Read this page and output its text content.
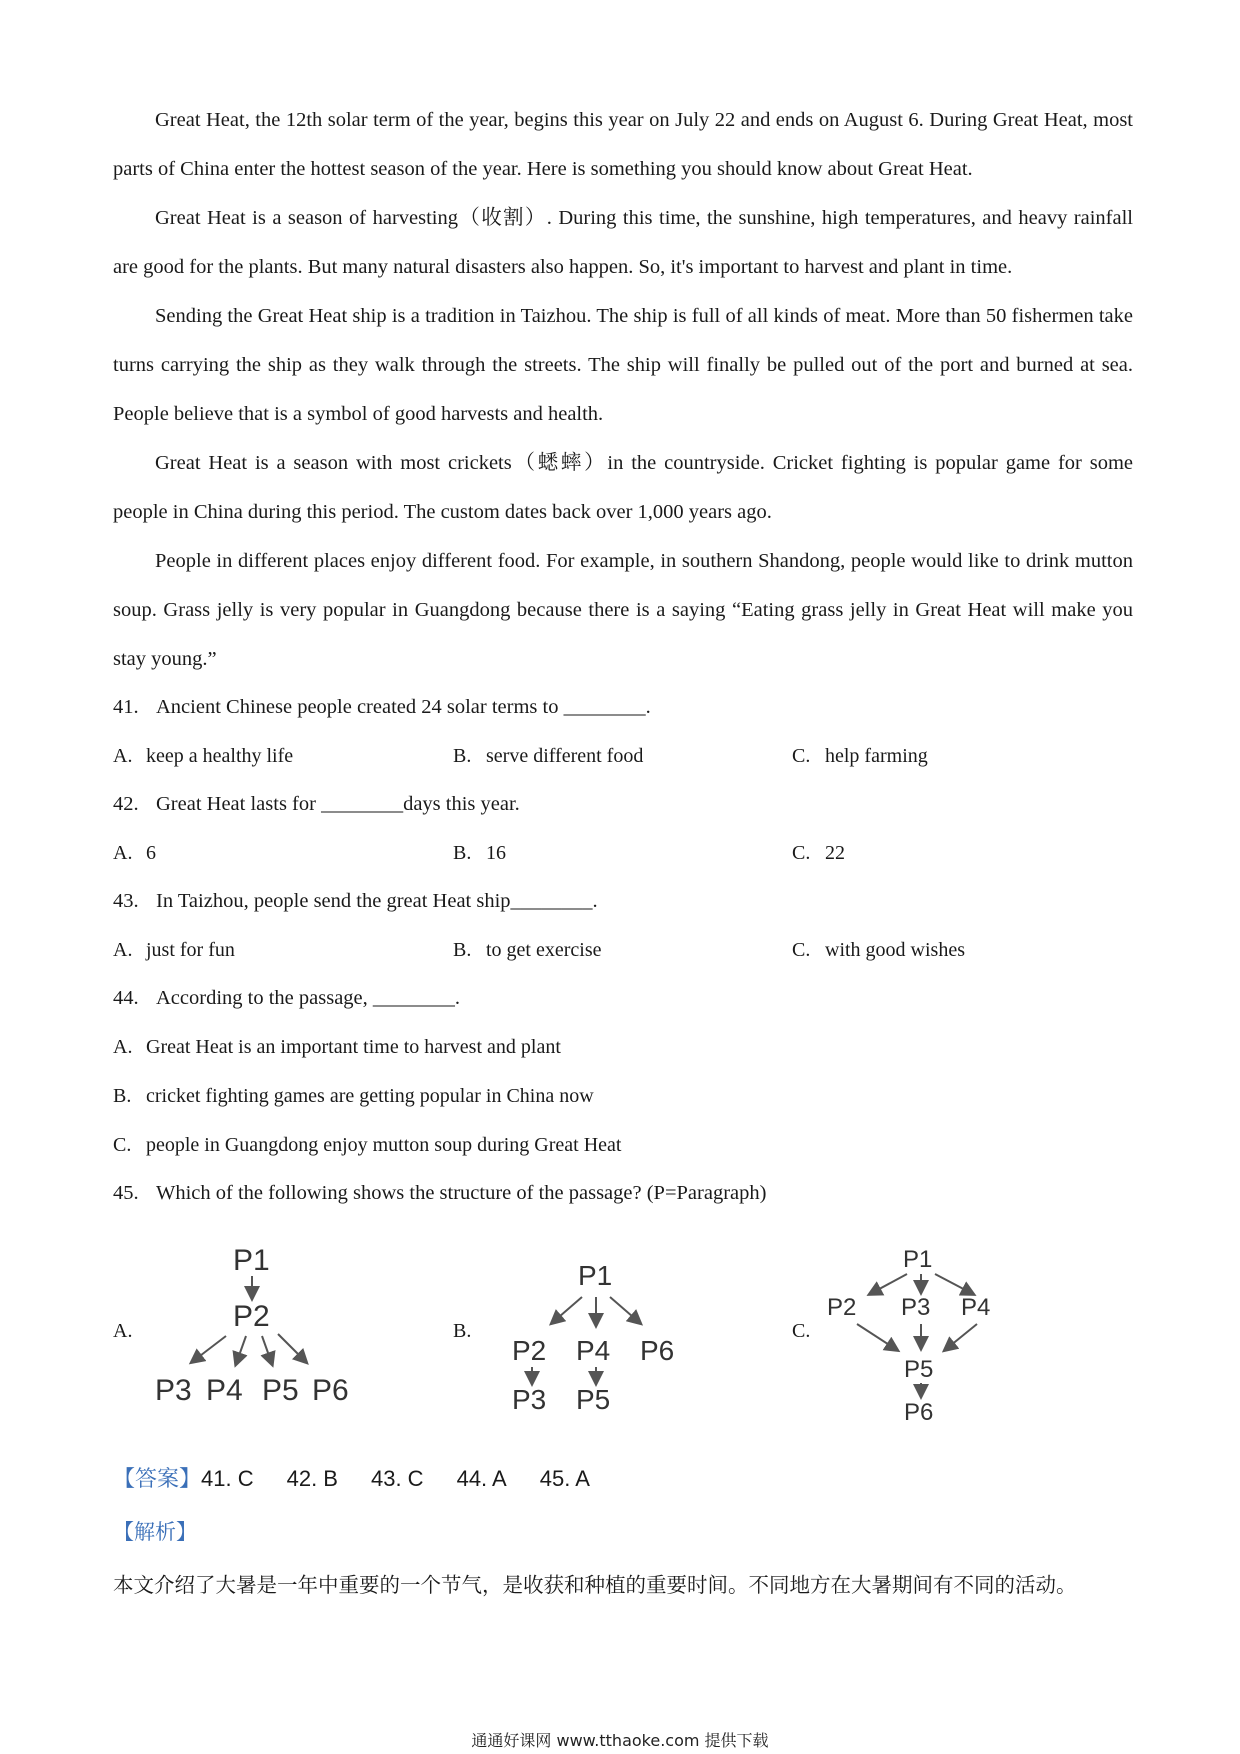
Great Heat, the 12th solar term of the year, begins this year on July 22 and ends on August 6. During Great Heat, most parts of China enter the hottest season of the year. Here is something you should know about Great Heat.

Great Heat is a season of harvesting（收割）. During this time, the sunshine, high temperatures, and heavy rainfall are good for the plants. But many natural disasters also happen. So, it's important to harvest and plant in time.

Sending the Great Heat ship is a tradition in Taizhou. The ship is full of all kinds of meat. More than 50 fishermen take turns carrying the ship as they walk through the streets. The ship will finally be pulled out of the port and burned at sea. People believe that is a symbol of good harvests and health.

Great Heat is a season with most crickets（蟋蟀）in the countryside. Cricket fighting is popular game for some people in China during this period. The custom dates back over 1,000 years ago.

People in different places enjoy different food. For example, in southern Shandong, people would like to drink mutton soup. Grass jelly is very popular in Guangdong because there is a saying “Eating grass jelly in Great Heat will make you stay young.”

41. Ancient Chinese people created 24 solar terms to ________.
A. keep a healthy life	B. serve different food	C. help farming
42. Great Heat lasts for ________days this year.
A. 6	B. 16	C. 22
43. In Taizhou, people send the great Heat ship________.
A. just for fun	B. to get exercise	C. with good wishes
44. According to the passage, ________.
A. Great Heat is an important time to harvest and plant
B. cricket fighting games are getting popular in China now
C. people in Guangdong enjoy mutton soup during Great Heat
45. Which of the following shows the structure of the passage? (P=Paragraph)
A.	B.	C.
P1
P2
P3 P4 P5 P6
P1
P2 P4 P6
P3 P5
P1
P2 P3 P4
P5
P6
【答案】41. C 42. B 43. C 44. A 45. A
【解析】
本文介绍了大暑是一年中重要的一个节气，是收获和种植的重要时间。不同地方在大暑期间有不同的活动。
通通好课网 www.tthaoke.com 提供下载
